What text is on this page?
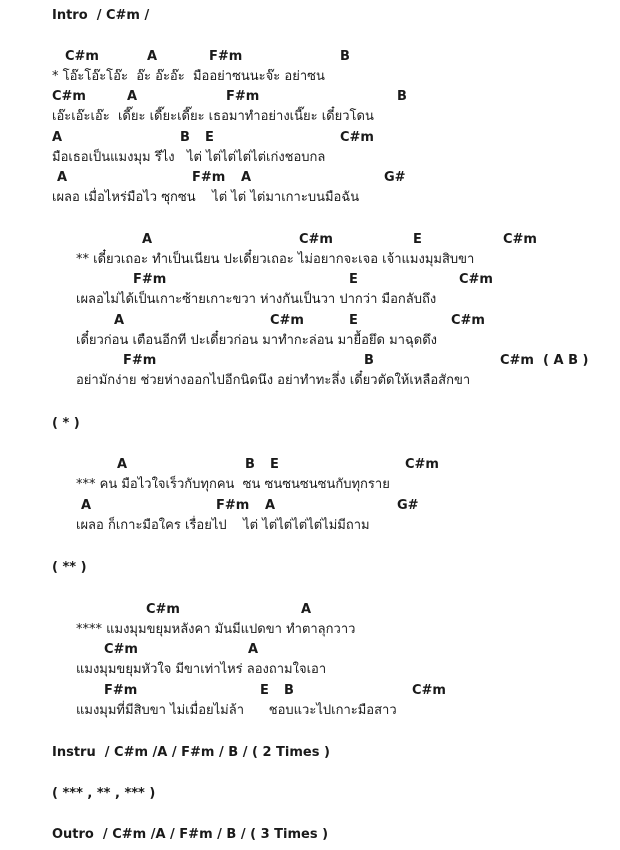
Intro  / C#m /
C#m	A	F#m	B
* โอ๊ะโอ๊ะโอ๊ะ  อ๊ะ อ๊ะอ๊ะ  มืออย่าซนนะจ๊ะ อย่าซน
C#m	A	F#m	B
เอ๊ะเอ๊ะเอ๊ะ  เดี๊ยะ เดี๊ยะเดี๊ยะ เธอมาทำอย่างเนี๊ยะ เดี๋ยวโดน
A	B E	C#m
มือเธอเป็นแมงมุม รึไง   ไต่ ไต่ไต่ไต่ไต่เก่งชอบกล
A	F#m A	G#
เผลอ เมื่อไหร่มือไว ซุกซน    ไต่ ไต่ ไต่มาเกาะบนมือฉัน
A	C#m	E	C#m
** เดี๋ยวเถอะ ทำเป็นเนียน ปะเดี๋ยวเถอะ ไม่อยากจะเจอ เจ้าแมงมุมสิบขา
F#m	E	C#m
เผลอไม่ได้เป็นเกาะซ้ายเกาะขวา ห่างกันเป็นวา ปากว่า มือกลับถึง
A	C#m	E	C#m
เดี๋ยวก่อน เตือนอีกที ปะเดี๋ยวก่อน มาทำกะล่อน มายื้อยึด มาฉุดดึง
F#m	B	C#m  ( A B )
อย่ามักง่าย ช่วยห่างออกไปอีกนิดนึง อย่าทำทะลึ่ง เดี๋ยวตัดให้เหลือสักขา
( * )
A	B E	C#m
*** คน มือไวใจเร็วกับทุกคน  ซน ซนซนซนซนกับทุกราย
A	F#m A	G#
เผลอ ก็เกาะมือใคร เรื่อยไป    ไต่ ไต่ไต่ไต่ไต่ไม่มีถาม
( ** )
C#m	A
**** แมงมุมขยุมหลังคา มันมีแปดขา ทำตาลุกวาว
C#m	A
แมงมุมขยุมหัวใจ มีขาเท่าไหร่ ลองถามใจเอา
F#m	E B	C#m
แมงมุมที่มีสิบขา ไม่เมื่อยไม่ล้า      ชอบแวะไปเกาะมือสาว
Instru  / C#m /A / F#m / B / ( 2 Times )
( *** , ** , *** )
Outro  / C#m /A / F#m / B / ( 3 Times )
